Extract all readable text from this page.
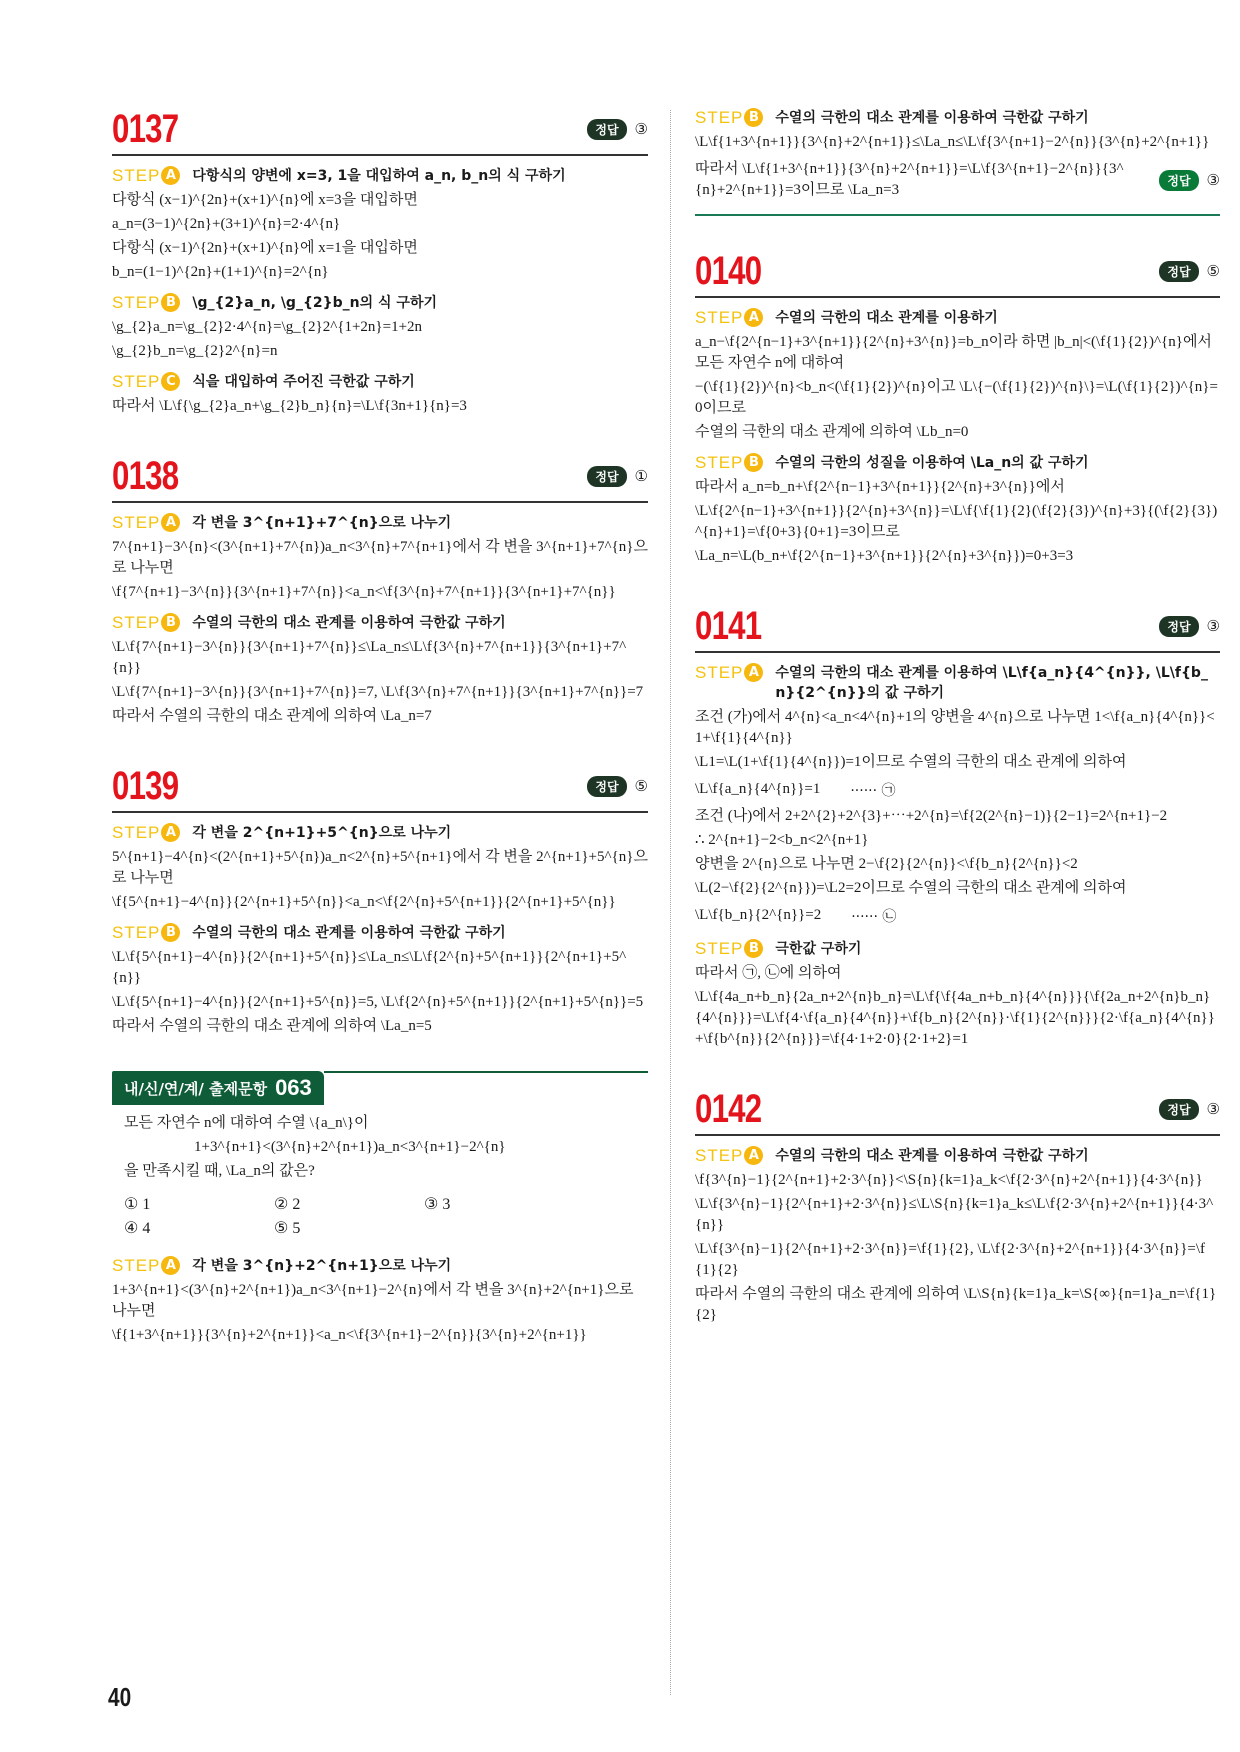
0137	정답	③
STEP A	다항식의 양변에 x=3, 1을 대입하여 a_n, b_n의 식 구하기
다항식 (x−1)^{2n}+(x+1)^{n}에 x=3을 대입하면
a_n=(3−1)^{2n}+(3+1)^{n}=2·4^{n}
다항식 (x−1)^{2n}+(x+1)^{n}에 x=1을 대입하면
b_n=(1−1)^{2n}+(1+1)^{n}=2^{n}
STEP B	\g_{2}a_n, \g_{2}b_n의 식 구하기
\g_{2}a_n=\g_{2}2·4^{n}=\g_{2}2^{1+2n}=1+2n
\g_{2}b_n=\g_{2}2^{n}=n
STEP C	식을 대입하여 주어진 극한값 구하기
따라서 \L\f{\g_{2}a_n+\g_{2}b_n}{n}=\L\f{3n+1}{n}=3
0138	정답	①
STEP A	각 변을 3^{n+1}+7^{n}으로 나누기
7^{n+1}−3^{n}<(3^{n+1}+7^{n})a_n<3^{n}+7^{n+1}에서 각 변을 3^{n+1}+7^{n}으로 나누면
\f{7^{n+1}−3^{n}}{3^{n+1}+7^{n}}<a_n<\f{3^{n}+7^{n+1}}{3^{n+1}+7^{n}}
STEP B	수열의 극한의 대소 관계를 이용하여 극한값 구하기
\L\f{7^{n+1}−3^{n}}{3^{n+1}+7^{n}}≤\La_n≤\L\f{3^{n}+7^{n+1}}{3^{n+1}+7^{n}}
\L\f{7^{n+1}−3^{n}}{3^{n+1}+7^{n}}=7, \L\f{3^{n}+7^{n+1}}{3^{n+1}+7^{n}}=7
따라서 수열의 극한의 대소 관계에 의하여 \La_n=7
0139	정답	⑤
STEP A	각 변을 2^{n+1}+5^{n}으로 나누기
5^{n+1}−4^{n}<(2^{n+1}+5^{n})a_n<2^{n}+5^{n+1}에서 각 변을 2^{n+1}+5^{n}으로 나누면
\f{5^{n+1}−4^{n}}{2^{n+1}+5^{n}}<a_n<\f{2^{n}+5^{n+1}}{2^{n+1}+5^{n}}
STEP B	수열의 극한의 대소 관계를 이용하여 극한값 구하기
\L\f{5^{n+1}−4^{n}}{2^{n+1}+5^{n}}≤\La_n≤\L\f{2^{n}+5^{n+1}}{2^{n+1}+5^{n}}
\L\f{5^{n+1}−4^{n}}{2^{n+1}+5^{n}}=5, \L\f{2^{n}+5^{n+1}}{2^{n+1}+5^{n}}=5
따라서 수열의 극한의 대소 관계에 의하여 \La_n=5
내/신/연/계/ 출제문항 063
모든 자연수 n에 대하여 수열 \{a_n\}이
1+3^{n+1}<(3^{n}+2^{n+1})a_n<3^{n+1}−2^{n}
을 만족시킬 때, \La_n의 값은?
① 1	② 2	③ 3
④ 4	⑤ 5
STEP A	각 변을 3^{n}+2^{n+1}으로 나누기
1+3^{n+1}<(3^{n}+2^{n+1})a_n<3^{n+1}−2^{n}에서 각 변을 3^{n}+2^{n+1}으로 나누면
\f{1+3^{n+1}}{3^{n}+2^{n+1}}<a_n<\f{3^{n+1}−2^{n}}{3^{n}+2^{n+1}}
40
STEP B	수열의 극한의 대소 관계를 이용하여 극한값 구하기
\L\f{1+3^{n+1}}{3^{n}+2^{n+1}}≤\La_n≤\L\f{3^{n+1}−2^{n}}{3^{n}+2^{n+1}}
따라서 \L\f{1+3^{n+1}}{3^{n}+2^{n+1}}=\L\f{3^{n+1}−2^{n}}{3^{n}+2^{n+1}}=3이므로 \La_n=3
정답	③
0140	정답	⑤
STEP A	수열의 극한의 대소 관계를 이용하기
a_n−\f{2^{n−1}+3^{n+1}}{2^{n}+3^{n}}=b_n이라 하면 |b_n|<(\f{1}{2})^{n}에서 모든 자연수 n에 대하여
−(\f{1}{2})^{n}<b_n<(\f{1}{2})^{n}이고 \L\{−(\f{1}{2})^{n}\}=\L(\f{1}{2})^{n}=0이므로
수열의 극한의 대소 관계에 의하여 \Lb_n=0
STEP B	수열의 극한의 성질을 이용하여 \La_n의 값 구하기
따라서 a_n=b_n+\f{2^{n−1}+3^{n+1}}{2^{n}+3^{n}}에서
\L\f{2^{n−1}+3^{n+1}}{2^{n}+3^{n}}=\L\f{\f{1}{2}(\f{2}{3})^{n}+3}{(\f{2}{3})^{n}+1}=\f{0+3}{0+1}=3이므로
\La_n=\L(b_n+\f{2^{n−1}+3^{n+1}}{2^{n}+3^{n}})=0+3=3
0141	정답	③
STEP A	수열의 극한의 대소 관계를 이용하여 \L\f{a_n}{4^{n}}, \L\f{b_n}{2^{n}}의 값 구하기
조건 (가)에서 4^{n}<a_n<4^{n}+1의 양변을 4^{n}으로 나누면 1<\f{a_n}{4^{n}}<1+\f{1}{4^{n}}
\L1=\L(1+\f{1}{4^{n}})=1이므로 수열의 극한의 대소 관계에 의하여
\L\f{a_n}{4^{n}}=1 ······ ㉠
조건 (나)에서 2+2^{2}+2^{3}+⋯+2^{n}=\f{2(2^{n}−1)}{2−1}=2^{n+1}−2
∴ 2^{n+1}−2<b_n<2^{n+1}
양변을 2^{n}으로 나누면 2−\f{2}{2^{n}}<\f{b_n}{2^{n}}<2
\L(2−\f{2}{2^{n}})=\L2=2이므로 수열의 극한의 대소 관계에 의하여
\L\f{b_n}{2^{n}}=2 ······ ㉡
STEP B	극한값 구하기
따라서 ㉠, ㉡에 의하여
\L\f{4a_n+b_n}{2a_n+2^{n}b_n}=\L\f{\f{4a_n+b_n}{4^{n}}}{\f{2a_n+2^{n}b_n}{4^{n}}}=\L\f{4·\f{a_n}{4^{n}}+\f{b_n}{2^{n}}·\f{1}{2^{n}}}{2·\f{a_n}{4^{n}}+\f{b^{n}}{2^{n}}}=\f{4·1+2·0}{2·1+2}=1
0142	정답	③
STEP A	수열의 극한의 대소 관계를 이용하여 극한값 구하기
\f{3^{n}−1}{2^{n+1}+2·3^{n}}<\S{n}{k=1}a_k<\f{2·3^{n}+2^{n+1}}{4·3^{n}}
\L\f{3^{n}−1}{2^{n+1}+2·3^{n}}≤\L\S{n}{k=1}a_k≤\L\f{2·3^{n}+2^{n+1}}{4·3^{n}}
\L\f{3^{n}−1}{2^{n+1}+2·3^{n}}=\f{1}{2}, \L\f{2·3^{n}+2^{n+1}}{4·3^{n}}=\f{1}{2}
따라서 수열의 극한의 대소 관계에 의하여 \L\S{n}{k=1}a_k=\S{∞}{n=1}a_n=\f{1}{2}
